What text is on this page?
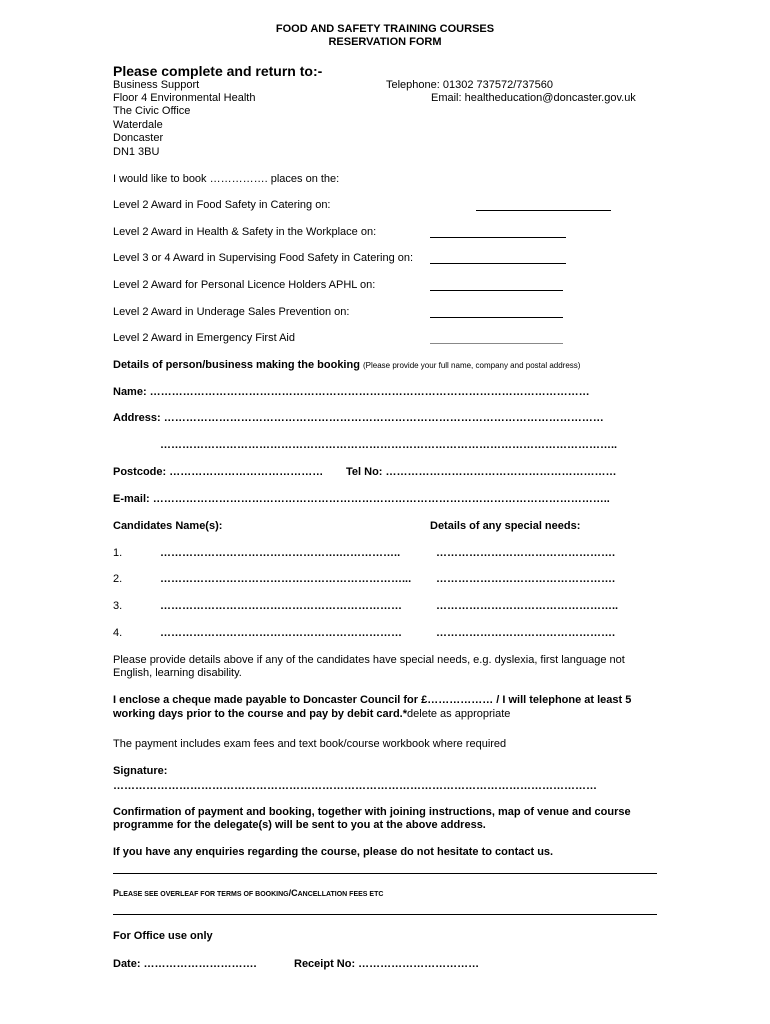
FOOD AND SAFETY TRAINING COURSES
RESERVATION FORM
Please complete and return to:-
Business Support
Floor 4 Environmental Health
The Civic Office
Waterdale
Doncaster
DN1 3BU
Telephone: 01302 737572/737560
Email: healtheducation@doncaster.gov.uk
I would like to book ……………. places on the:
Level 2 Award in Food Safety in Catering on:
Level 2 Award in Health & Safety in the Workplace on:
Level 3 or 4 Award in Supervising Food Safety in Catering on:
Level 2 Award for Personal Licence Holders APHL on:
Level 2 Award in Underage Sales Prevention on:
Level 2 Award in Emergency First Aid
Details of person/business making the booking (Please provide your full name, company and postal address)
Name: …………………………………………………………………………………………………………
Address: …………………………………………………………………………………………………………
……………………………………………………………………………………………………………..
Postcode: …………………………………… Tel No: ………………………………………………………
E-mail: ……………………………………………………………………………………………………………..
Candidates Name(s):	Details of any special needs:
1.	………………………………………….……………..	………………………………………….
2.	…………………………………………………………... ………………………………………….
3.	…………………………………………………………	…………………………………………..
4.	…………………………………………………………	………………………………………….
Please provide details above if any of the candidates have special needs, e.g. dyslexia, first language not
English, learning disability.
I enclose a cheque made payable to Doncaster Council for £……………… / I will telephone at least 5
working days prior to the course and pay by debit card.*delete as appropriate
The payment includes exam fees and text book/course workbook where required
Signature:
……………………………………………………………………………………………………………………
Confirmation of payment and booking, together with joining instructions, map of venue and course
programme for the delegate(s) will be sent to you at the above address.
If you have any enquiries regarding the course, please do not hesitate to contact us.
PLEASE SEE OVERLEAF FOR TERMS OF BOOKING/CANCELLATION FEES ETC
For Office use only
Date: ………………………….	Receipt No: ……………………………
